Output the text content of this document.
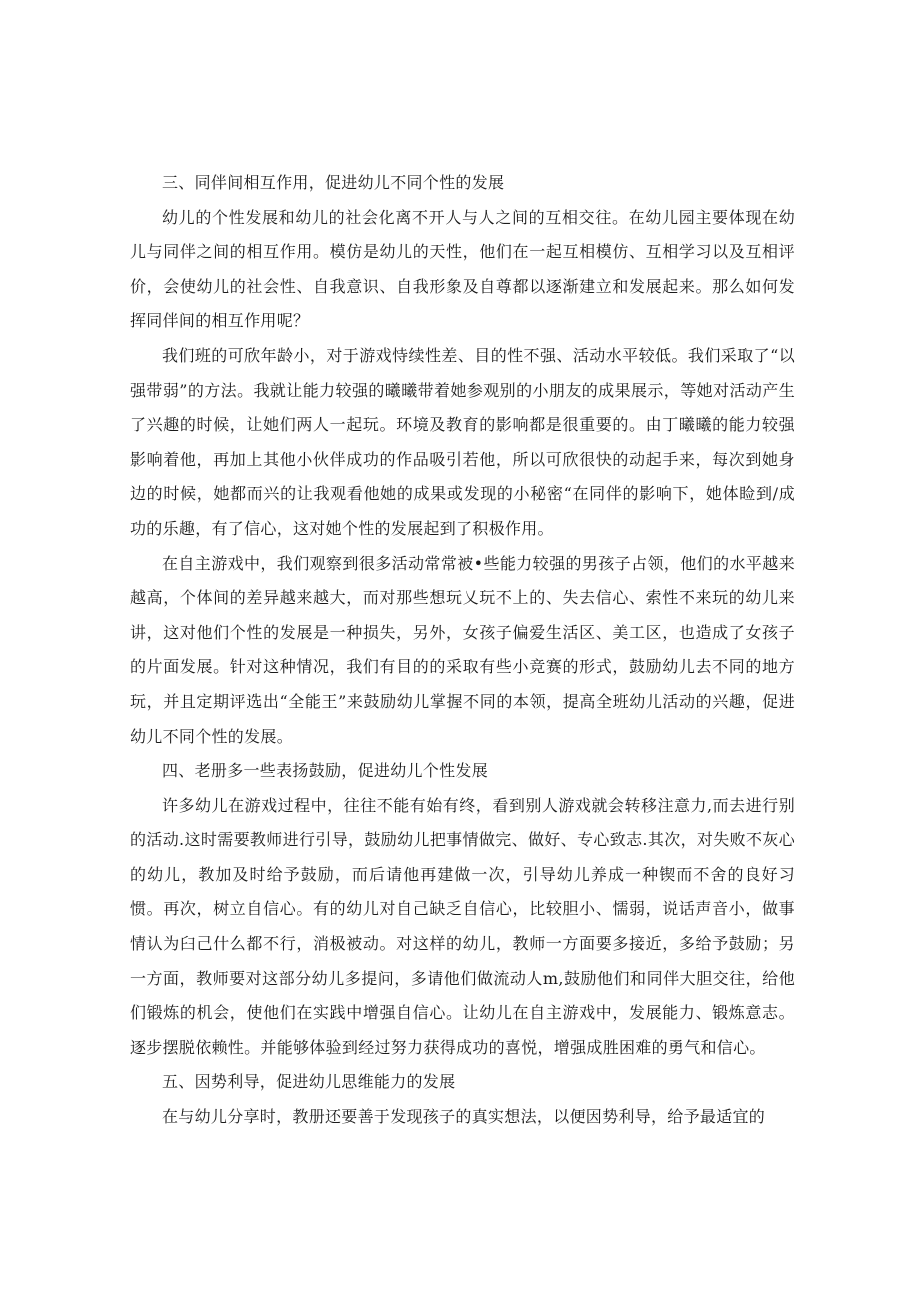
三、同伴间相互作用，促进幼儿不同个性的发展

幼儿的个性发展和幼儿的社会化离不开人与人之间的互相交往。在幼儿园主要体现在幼儿与同伴之间的相互作用。模仿是幼儿的天性，他们在一起互相模仿、互相学习以及互相评价，会使幼儿的社会性、自我意识、自我形象及自尊都以逐渐建立和发展起来。那么如何发挥同伴间的相互作用呢？

我们班的可欣年龄小，对于游戏恃续性差、目的性不强、活动水平较低。我们采取了“以强带弱”的方法。我就让能力较强的曦曦带着她参观别的小朋友的成果展示，等她对活动产生了兴趣的时候，让她们两人一起玩。环境及教育的影响都是很重要的。由丁曦曦的能力较强影响着他，再加上其他小伙伴成功的作品吸引若他，所以可欣很快的动起手来，每次到她身边的时候，她都而兴的让我观看他她的成果或发现的小秘密“在同伴的影响下，她体睑到/成功的乐趣，有了信心，这对她个性的发展起到了积极作用。

在自主游戏中，我们观察到很多活动常常被•些能力较强的男孩子占领，他们的水平越来越高，个体间的差异越来越大，而对那些想玩乂玩不上的、失去信心、索性不来玩的幼儿来讲，这对他们个性的发展是一种损失，另外，女孩子偏爱生活区、美工区，也造成了女孩子的片面发展。针对这种情况，我们有目的的采取有些小竞赛的形式，鼓励幼儿去不同的地方玩，并且定期评选出“全能王”来鼓励幼儿掌握不同的本领，提高全班幼儿活动的兴趣，促进幼儿不同个性的发展。

四、老册多一些表扬鼓励，促进幼儿个性发展

许多幼儿在游戏过程中，往往不能有始有终，看到别人游戏就会转移注意力,而去进行别的活动.这时需要教师进行引导，鼓励幼儿把事情做完、做好、专心致志.其次，对失败不灰心的幼儿，教加及时给予鼓励，而后请他再建做一次，引导幼儿养成一种锲而不舍的良好习惯。再次，树立自信心。有的幼儿对自己缺乏自信心，比较胆小、懦弱，说话声音小，做事情认为臼己什么都不行，消极被动。对这样的幼儿，教师一方面要多接近，多给予鼓励；另一方面，教师要对这部分幼儿多提问，多请他们做流动人m,鼓励他们和同伴大胆交往，给他们锻炼的机会，使他们在实践中增强自信心。让幼儿在自主游戏中，发展能力、锻炼意志。逐步摆脱依赖性。并能够体验到经过努力获得成功的喜悦，增强成胜困难的勇气和信心。

五、因势利导，促进幼儿思维能力的发展

在与幼儿分享时，教册还要善于发现孩子的真实想法，以便因势利导，给予最适宜的
